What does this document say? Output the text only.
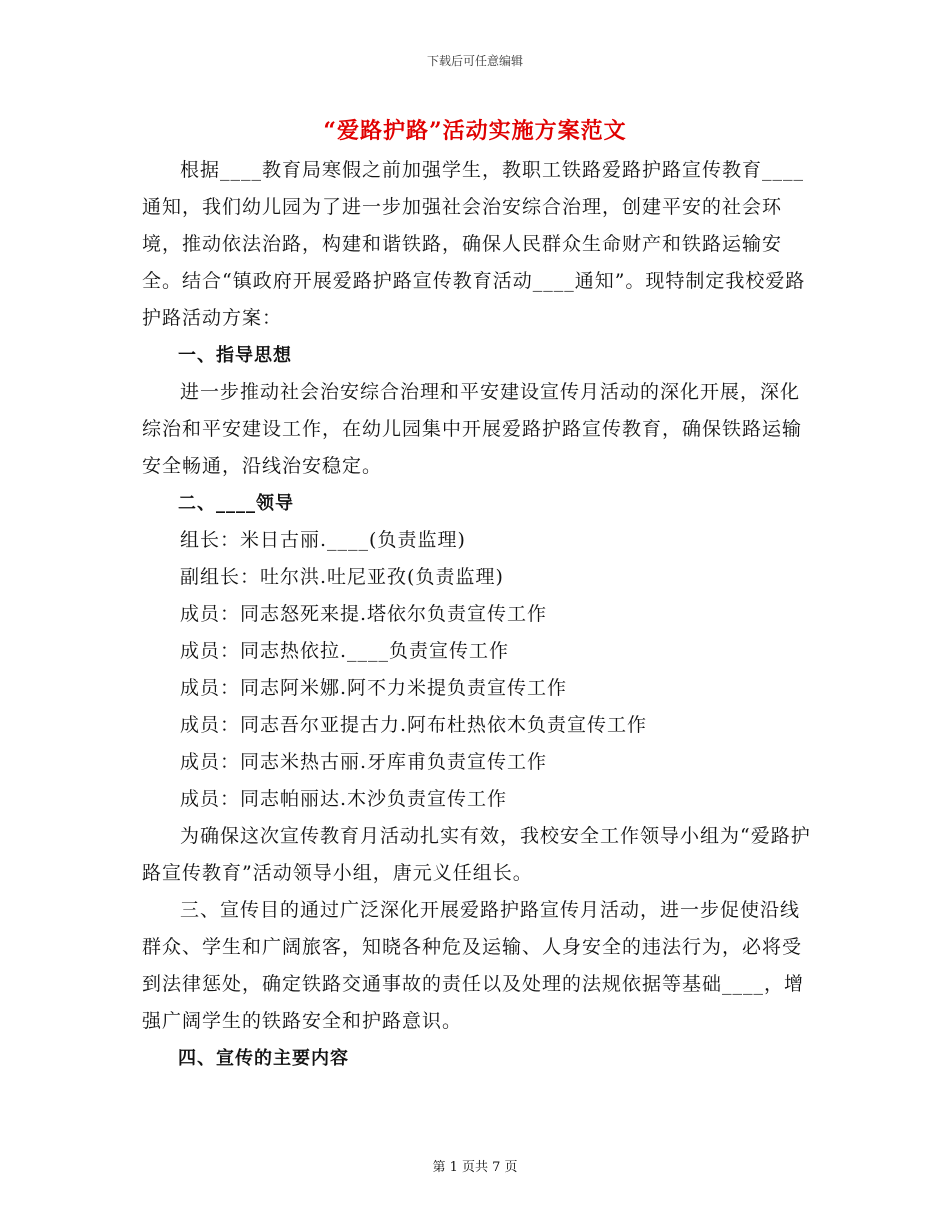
下载后可任意编辑
“爱路护路”活动实施方案范文

根据____教育局寒假之前加强学生，教职工铁路爱路护路宣传教育____通知，我们幼儿园为了进一步加强社会治安综合治理，创建平安的社会环境，推动依法治路，构建和谐铁路，确保人民群众生命财产和铁路运输安全。结合“镇政府开展爱路护路宣传教育活动____通知”。现特制定我校爱路护路活动方案：

一、指导思想

进一步推动社会治安综合治理和平安建设宣传月活动的深化开展，深化综治和平安建设工作，在幼儿园集中开展爱路护路宣传教育，确保铁路运输安全畅通，沿线治安稳定。

二、____领导

组长：米日古丽.____(负责监理)

副组长：吐尔洪.吐尼亚孜(负责监理)

成员：同志怒死来提.塔依尔负责宣传工作

成员：同志热依拉.____负责宣传工作

成员：同志阿米娜.阿不力米提负责宣传工作

成员：同志吾尔亚提古力.阿布杜热依木负责宣传工作

成员：同志米热古丽.牙库甫负责宣传工作

成员：同志帕丽达.木沙负责宣传工作

为确保这次宣传教育月活动扎实有效，我校安全工作领导小组为“爱路护路宣传教育”活动领导小组，唐元义任组长。

三、宣传目的通过广泛深化开展爱路护路宣传月活动，进一步促使沿线群众、学生和广阔旅客，知晓各种危及运输、人身安全的违法行为，必将受到法律惩处，确定铁路交通事故的责任以及处理的法规依据等基础____，增强广阔学生的铁路安全和护路意识。

四、宣传的主要内容

第 1 页共 7 页
